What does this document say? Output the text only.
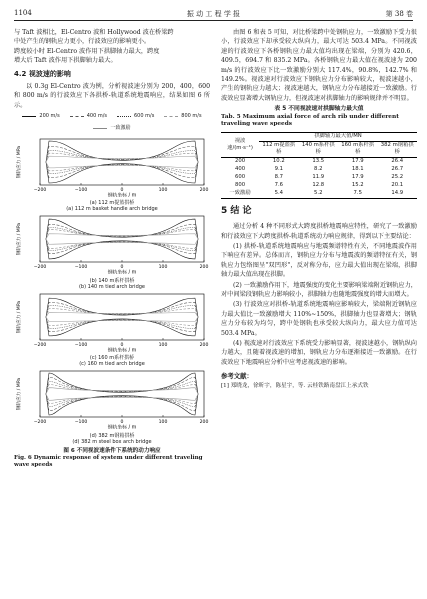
1104	振 动 工 程 学 报	第 38 卷
与 Taft 波相比，El-Centro 波和 Hollywood 波在桥梁跨
中处产生的钢轨应力更小，行波效应的影响更小。
跨度较小时 El-Centro 波作用下拱脚轴力最大，跨度
增大后 Taft 波作用下拱脚轴力最大。
4.2 视波速的影响

以 0.3g El-Centro 波为例，分析视波速分别为 200，400，600 和 800 m/s 的行波效应下各拱桥-轨道系统地震响应，结果如图 6 所示。

200 m/s	400 m/s	600 m/s	800 m/s
一致激励
−200	−100	0	100	200
钢轨应力 / MPa
钢轨坐标 / m
(a) 112 m提篮拱桥
(a) 112 m basket handle arch bridge
−200	−100	0	100	200
钢轨应力 / MPa
钢轨坐标 / m
(b) 140 m系杆拱桥
(b) 140 m tied arch bridge
−200	−100	0	100	200
钢轨应力 / MPa
钢轨坐标 / m
(c) 160 m系杆拱桥
(c) 160 m tied arch bridge
−200	−100	0	100	200
钢轨应力 / MPa
钢轨坐标 / m
(d) 382 m钢箱拱桥
(d) 382 m steel box arch bridge
图 6 不同视波速条件下系统的动力响应
Fig. 6 Dynamic response of system under different traveling wave speeds

由图 6 和表 5 可知，对比桥梁跨中处钢轨应力，一致激励下受力很小，行波效应下却承受较大纵向力，最大可达 503.4 MPa。不同视波速的行波效应下各桥钢轨应力最大值均出现在梁端，分别为 420.6，409.5，694.7 和 835.2 MPa。各桥钢轨应力最大值在视波速为 200 m/s 的行波效应下比一致激励分别大 117.4%，90.8%，142.7% 和 149.2%。视波速对行波效应下钢轨应力分布影响较大，视波速越小，产生的钢轨应力越大；视波速越大，钢轨应力分布越接近一致激励。行波效应显著增大钢轨应力，但视波速对拱脚轴力的影响规律并不明显。

表 5 不同视波速对拱脚轴力最大值
Tab. 5 Maximum axial force of arch rib under different traveling wave speeds
视波速/(m·s⁻¹)	拱脚轴力最大值/MN			
	112 m提篮拱桥	140 m系杆拱桥	160 m系杆拱桥	382 m钢箱拱桥
200	10.2	13.5	17.9	26.4
400	9.1	8.2	18.1	26.7
600	8.7	11.9	17.9	25.2
800	7.6	12.8	15.2	20.1
一致激励	5.4	5.2	7.5	14.9
5 结 论

通过分析 4 种不同形式大跨度拱桥地震响应特性，研究了一致激励和行波效应下大跨度拱桥-轨道系统动力响应规律，得到以下主要结论：

(1) 拱桥-轨道系统地震响应与地震频谱特性有关，不同地震波作用下响应有差异。总体而言，钢轨应力分布与地震波的频谱特征有关，钢轨应力包络图呈"双凹形"，反对称分布，应力最大值出现在梁端，拱脚轴力最大值出现在拱脚。

(2) 一致激励作用下，地震强度的变化主要影响梁端附近钢轨应力，对中间梁段钢轨应力影响较小，拱脚轴力也随地震强度的增大而增大。

(3) 行波效应对拱桥-轨道系统地震响应影响较大，梁端附近钢轨应力最大值比一致激励增大 110%~150%，拱脚轴力也显著增大；钢轨应力分布较为均匀，跨中处钢轨也承受较大纵向力，最大应力值可达 503.4 MPa。

(4) 视波速对行波效应下系统受力影响显著，视波速越小，钢轨纵向力越大，且随着视波速的增加，钢轨应力分布逐渐接近一致激励。在行波效应下地震响应分析中应考虑视波速的影响。

参考文献：
[1] 郑晓龙，徐昕宇，陈星宇，等. 云桂铁路南盘江上承式铁
